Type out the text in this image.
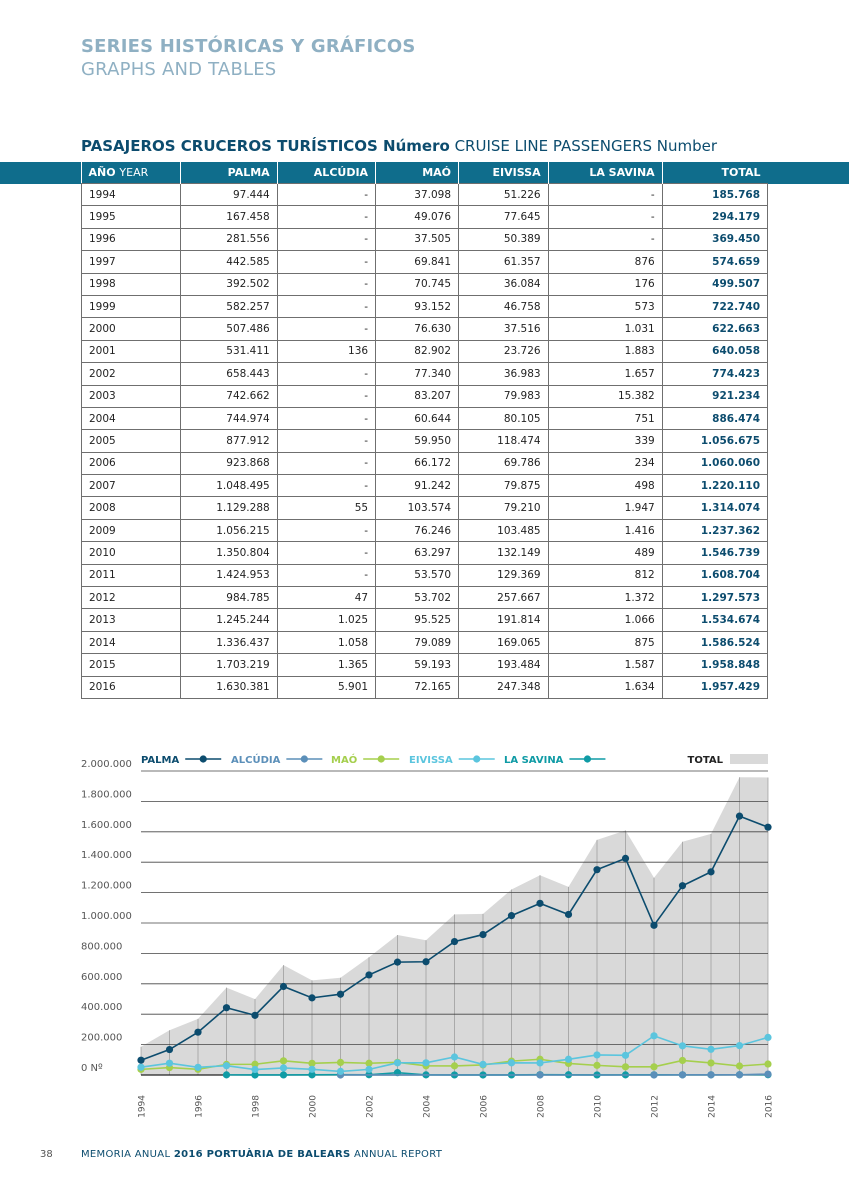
SERIES HISTÓRICAS Y GRÁFICOS
GRAPHS AND TABLES
PASAJEROS CRUCEROS TURÍSTICOS Número CRUISE LINE PASSENGERS Number
AÑO YEAR	PALMA	ALCÚDIA	MAÓ	EIVISSA	LA SAVINA	TOTAL
1994	97.444	-	37.098	51.226	-	185.768
1995	167.458	-	49.076	77.645	-	294.179
1996	281.556	-	37.505	50.389	-	369.450
1997	442.585	-	69.841	61.357	876	574.659
1998	392.502	-	70.745	36.084	176	499.507
1999	582.257	-	93.152	46.758	573	722.740
2000	507.486	-	76.630	37.516	1.031	622.663
2001	531.411	136	82.902	23.726	1.883	640.058
2002	658.443	-	77.340	36.983	1.657	774.423
2003	742.662	-	83.207	79.983	15.382	921.234
2004	744.974	-	60.644	80.105	751	886.474
2005	877.912	-	59.950	118.474	339	1.056.675
2006	923.868	-	66.172	69.786	234	1.060.060
2007	1.048.495	-	91.242	79.875	498	1.220.110
2008	1.129.288	55	103.574	79.210	1.947	1.314.074
2009	1.056.215	-	76.246	103.485	1.416	1.237.362
2010	1.350.804	-	63.297	132.149	489	1.546.739
2011	1.424.953	-	53.570	129.369	812	1.608.704
2012	984.785	47	53.702	257.667	1.372	1.297.573
2013	1.245.244	1.025	95.525	191.814	1.066	1.534.674
2014	1.336.437	1.058	79.089	169.065	875	1.586.524
2015	1.703.219	1.365	59.193	193.484	1.587	1.958.848
2016	1.630.381	5.901	72.165	247.348	1.634	1.957.429
PALMA	ALCÚDIA	MAÓ	EIVISSA	LA SAVINA	TOTAL
0 Nº
200.000
400.000
600.000
800.000
1.000.000
1.200.000
1.400.000
1.600.000
1.800.000
2.000.000
1994	1996	1998	2000	2002	2004	2006	2008	2010	2012	2014	2016
38	MEMORIA ANUAL 2016 PORTUÀRIA DE BALEARS ANNUAL REPORT
